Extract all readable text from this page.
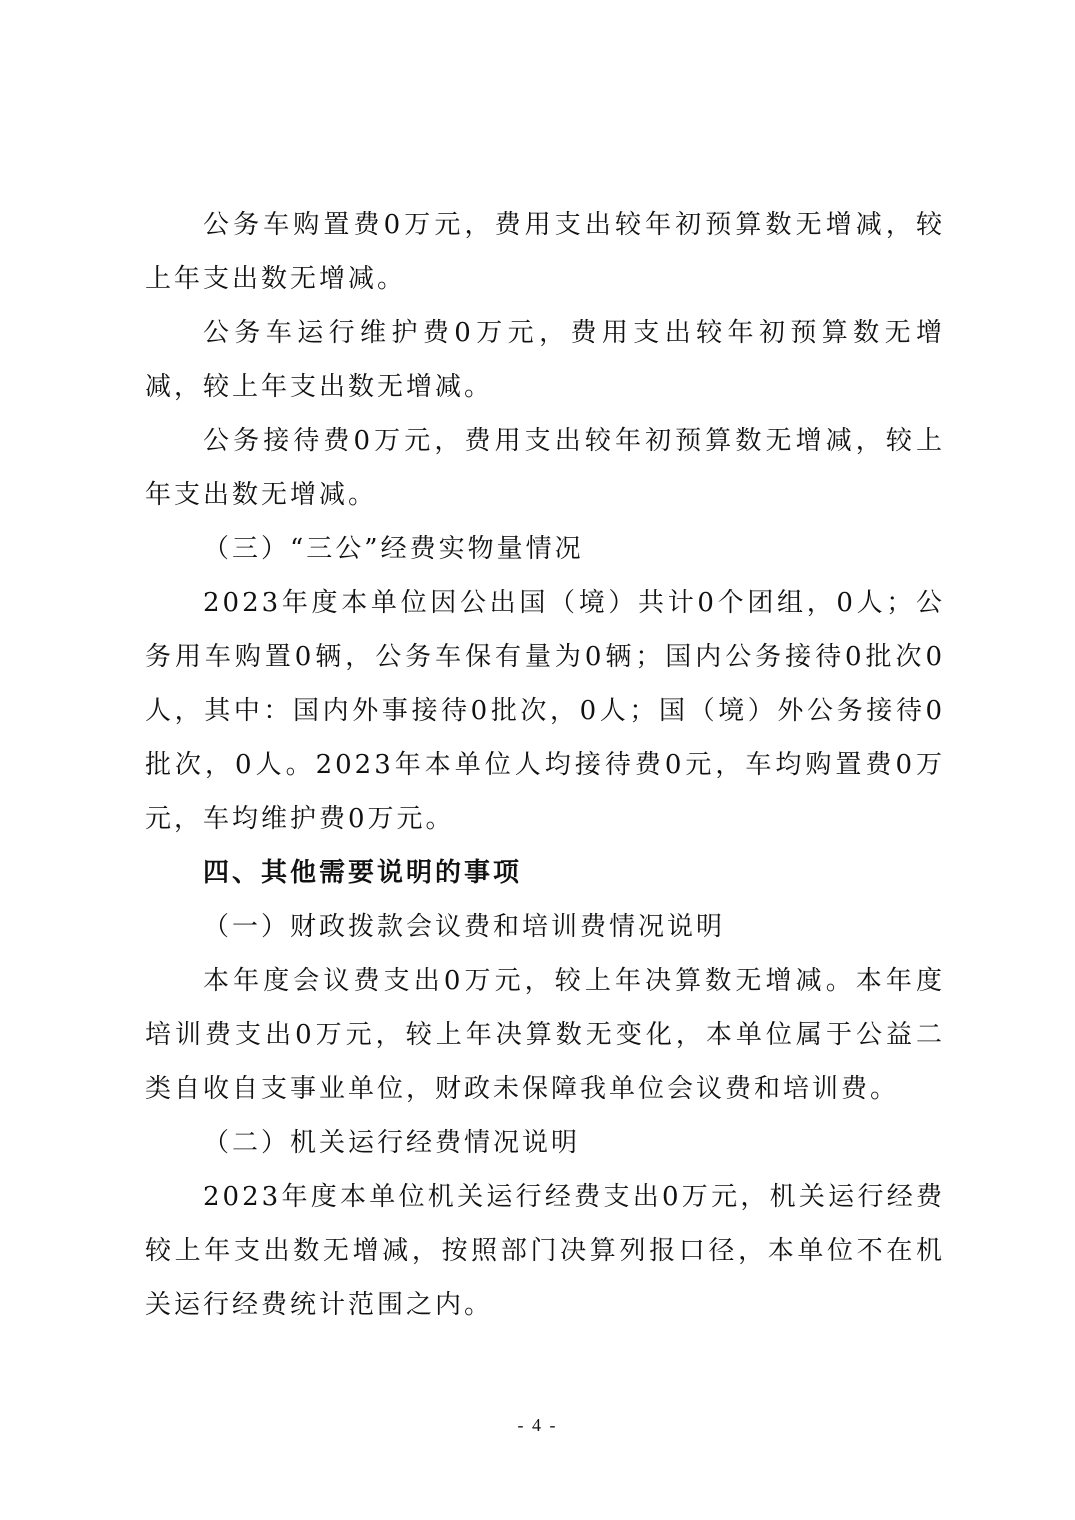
公务车购置费0万元，费用支出较年初预算数无增减，较上年支出数无增减。

公务车运行维护费0万元，费用支出较年初预算数无增减，较上年支出数无增减。

公务接待费0万元，费用支出较年初预算数无增减，较上年支出数无增减。

（三）“三公”经费实物量情况

2023年度本单位因公出国（境）共计0个团组，0人；公务用车购置0辆，公务车保有量为0辆；国内公务接待0批次0人，其中：国内外事接待0批次，0人；国（境）外公务接待0批次，0人。2023年本单位人均接待费0元，车均购置费0万元，车均维护费0万元。

四、其他需要说明的事项

（一）财政拨款会议费和培训费情况说明

本年度会议费支出0万元，较上年决算数无增减。本年度培训费支出0万元，较上年决算数无变化，本单位属于公益二类自收自支事业单位，财政未保障我单位会议费和培训费。

（二）机关运行经费情况说明

2023年度本单位机关运行经费支出0万元，机关运行经费较上年支出数无增减，按照部门决算列报口径，本单位不在机关运行经费统计范围之内。

- 4 -
